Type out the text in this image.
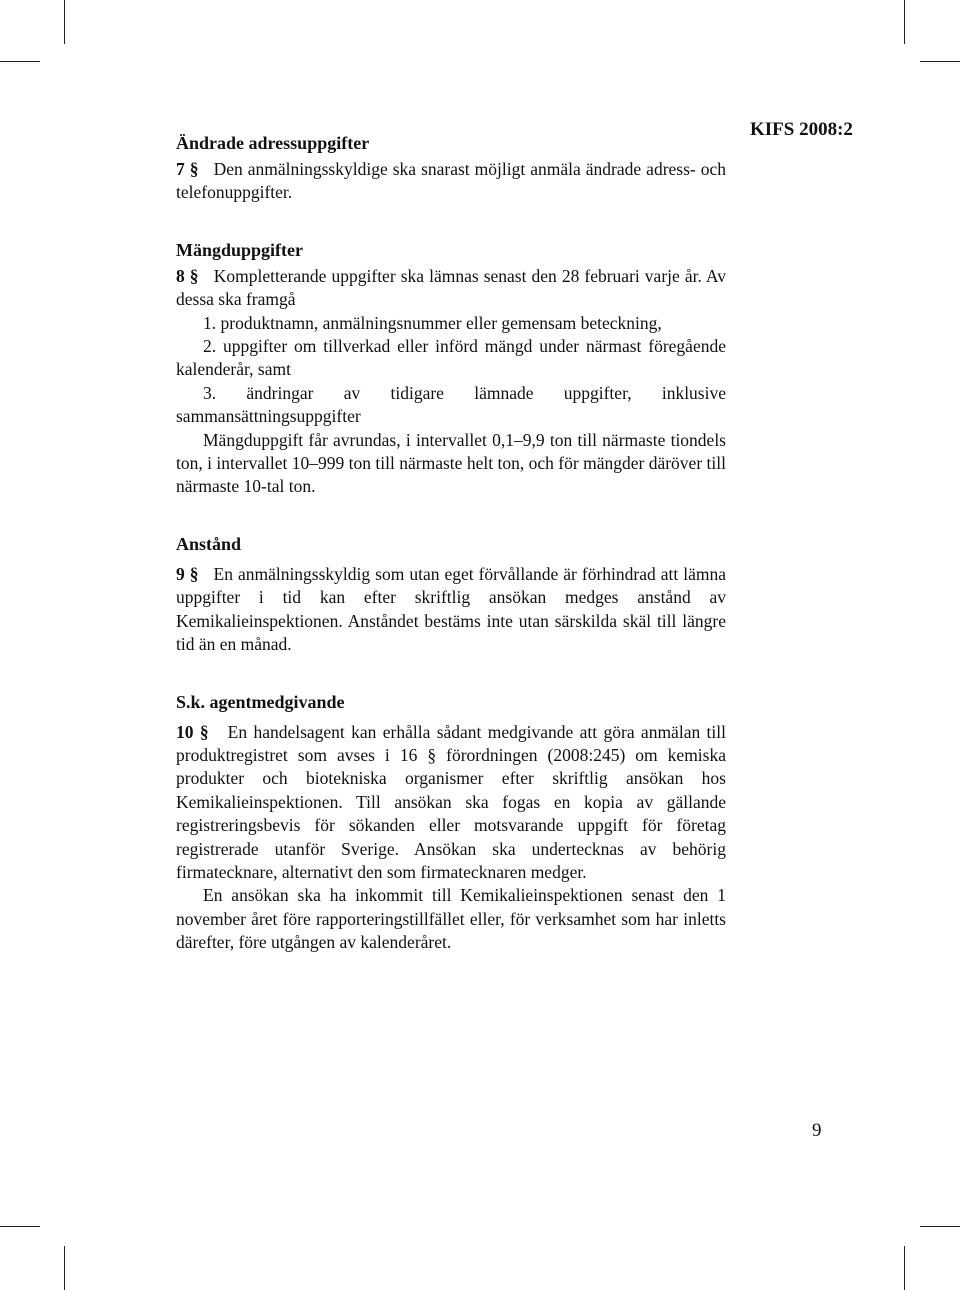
KIFS 2008:2
Ändrade adressuppgifter

7 § Den anmälningsskyldige ska snarast möjligt anmäla ändrade adress- och telefonuppgifter.

Mängduppgifter

8 § Kompletterande uppgifter ska lämnas senast den 28 februari varje år. Av dessa ska framgå

1. produktnamn, anmälningsnummer eller gemensam beteckning,

2. uppgifter om tillverkad eller införd mängd under närmast föregående kalenderår, samt

3. ändringar av tidigare lämnade uppgifter, inklusive sammansättningsuppgifter

Mängduppgift får avrundas, i intervallet 0,1–9,9 ton till närmaste tiondels ton, i intervallet 10–999 ton till närmaste helt ton, och för mängder däröver till närmaste 10-tal ton.

Anstånd

9 § En anmälningsskyldig som utan eget förvållande är förhindrad att lämna uppgifter i tid kan efter skriftlig ansökan medges anstånd av Kemikalieinspektionen. Anståndet bestäms inte utan särskilda skäl till längre tid än en månad.

S.k. agentmedgivande

10 § En handelsagent kan erhålla sådant medgivande att göra anmälan till produktregistret som avses i 16 § förordningen (2008:245) om kemiska produkter och biotekniska organismer efter skriftlig ansökan hos Kemikalieinspektionen. Till ansökan ska fogas en kopia av gällande registreringsbevis för sökanden eller motsvarande uppgift för företag registrerade utanför Sverige. Ansökan ska undertecknas av behörig firmatecknare, alternativt den som firmatecknaren medger.

En ansökan ska ha inkommit till Kemikalieinspektionen senast den 1 november året före rapporteringstillfället eller, för verksamhet som har inletts därefter, före utgången av kalenderåret.

9
